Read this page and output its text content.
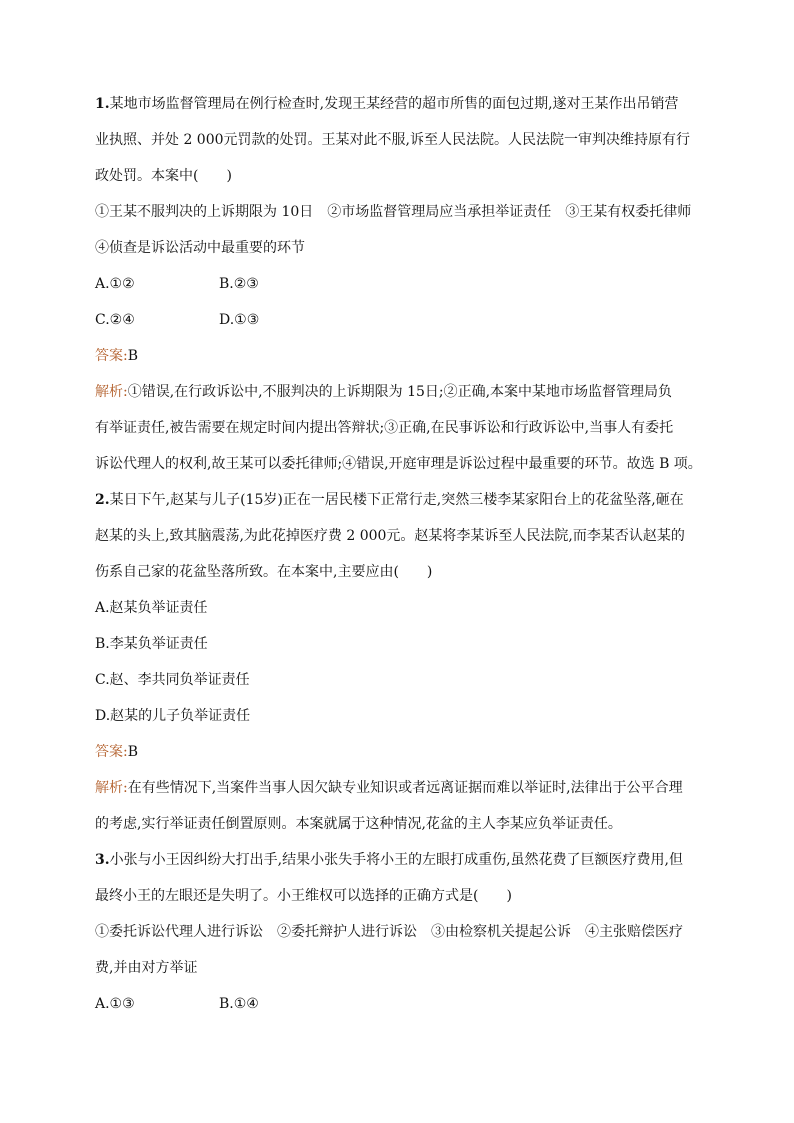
1.某地市场监督管理局在例行检查时,发现王某经营的超市所售的面包过期,遂对王某作出吊销营
业执照、并处 2 000元罚款的处罚。王某对此不服,诉至人民法院。人民法院一审判决维持原有行
政处罚。本案中(　　)
①王某不服判决的上诉期限为 10日 ②市场监督管理局应当承担举证责任 ③王某有权委托律师
④侦查是诉讼活动中最重要的环节
A.①②	B.②③
C.②④	D.①③
答案:B
解析:①错误,在行政诉讼中,不服判决的上诉期限为 15日;②正确,本案中某地市场监督管理局负
有举证责任,被告需要在规定时间内提出答辩状;③正确,在民事诉讼和行政诉讼中,当事人有委托
诉讼代理人的权利,故王某可以委托律师;④错误,开庭审理是诉讼过程中最重要的环节。故选 B 项。
2.某日下午,赵某与儿子(15岁)正在一居民楼下正常行走,突然三楼李某家阳台上的花盆坠落,砸在
赵某的头上,致其脑震荡,为此花掉医疗费 2 000元。赵某将李某诉至人民法院,而李某否认赵某的
伤系自己家的花盆坠落所致。在本案中,主要应由(　　)
A.赵某负举证责任
B.李某负举证责任
C.赵、李共同负举证责任
D.赵某的儿子负举证责任
答案:B
解析:在有些情况下,当案件当事人因欠缺专业知识或者远离证据而难以举证时,法律出于公平合理
的考虑,实行举证责任倒置原则。本案就属于这种情况,花盆的主人李某应负举证责任。
3.小张与小王因纠纷大打出手,结果小张失手将小王的左眼打成重伤,虽然花费了巨额医疗费用,但
最终小王的左眼还是失明了。小王维权可以选择的正确方式是(　　)
①委托诉讼代理人进行诉讼 ②委托辩护人进行诉讼 ③由检察机关提起公诉 ④主张赔偿医疗
费,并由对方举证
A.①③	B.①④
